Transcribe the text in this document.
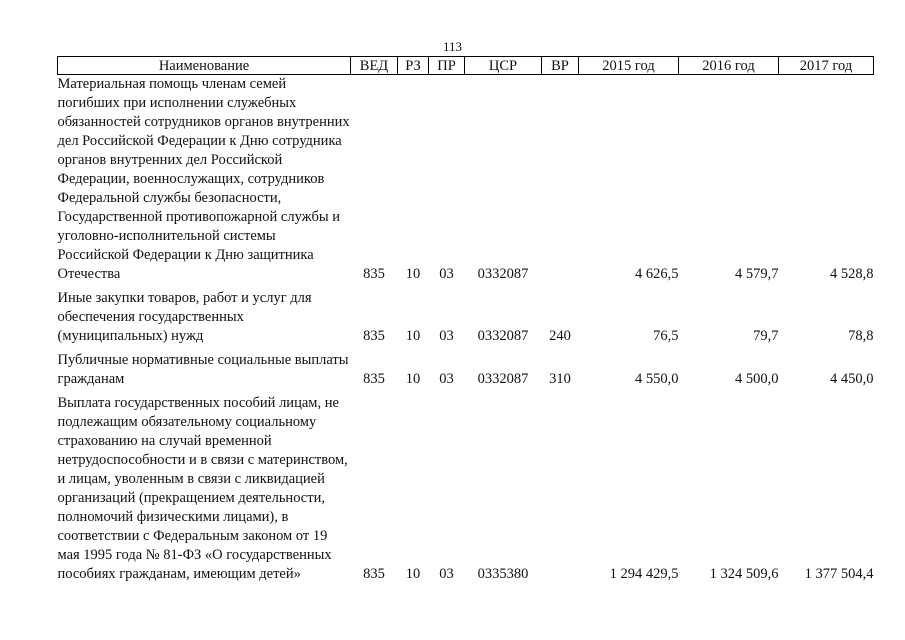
113
Наименование	ВЕД	РЗ	ПР	ЦСР	ВР	2015 год	2016 год	2017 год
Материальная помощь членам семей погибших при исполнении служебных обязанностей сотрудников органов внутренних дел Российской Федерации к Дню сотрудника органов внутренних дел Российской Федерации, военнослужащих, сотрудников Федеральной службы безопасности, Государственной противопожарной службы и уголовно-исполнительной системы Российской Федерации к Дню защитника Отечества	835	10	03	0332087		4 626,5	4 579,7	4 528,8
Иные закупки товаров, работ и услуг для обеспечения государственных (муниципальных) нужд	835	10	03	0332087	240	76,5	79,7	78,8
Публичные нормативные социальные выплаты гражданам	835	10	03	0332087	310	4 550,0	4 500,0	4 450,0
Выплата государственных пособий лицам, не подлежащим обязательному социальному страхованию на случай временной нетрудоспособности и в связи с материнством, и лицам, уволенным в связи с ликвидацией организаций (прекращением деятельности, полномочий физическими лицами), в соответствии с Федеральным законом от 19 мая 1995 года № 81-ФЗ «О государственных пособиях гражданам, имеющим детей»	835	10	03	0335380		1 294 429,5	1 324 509,6	1 377 504,4
